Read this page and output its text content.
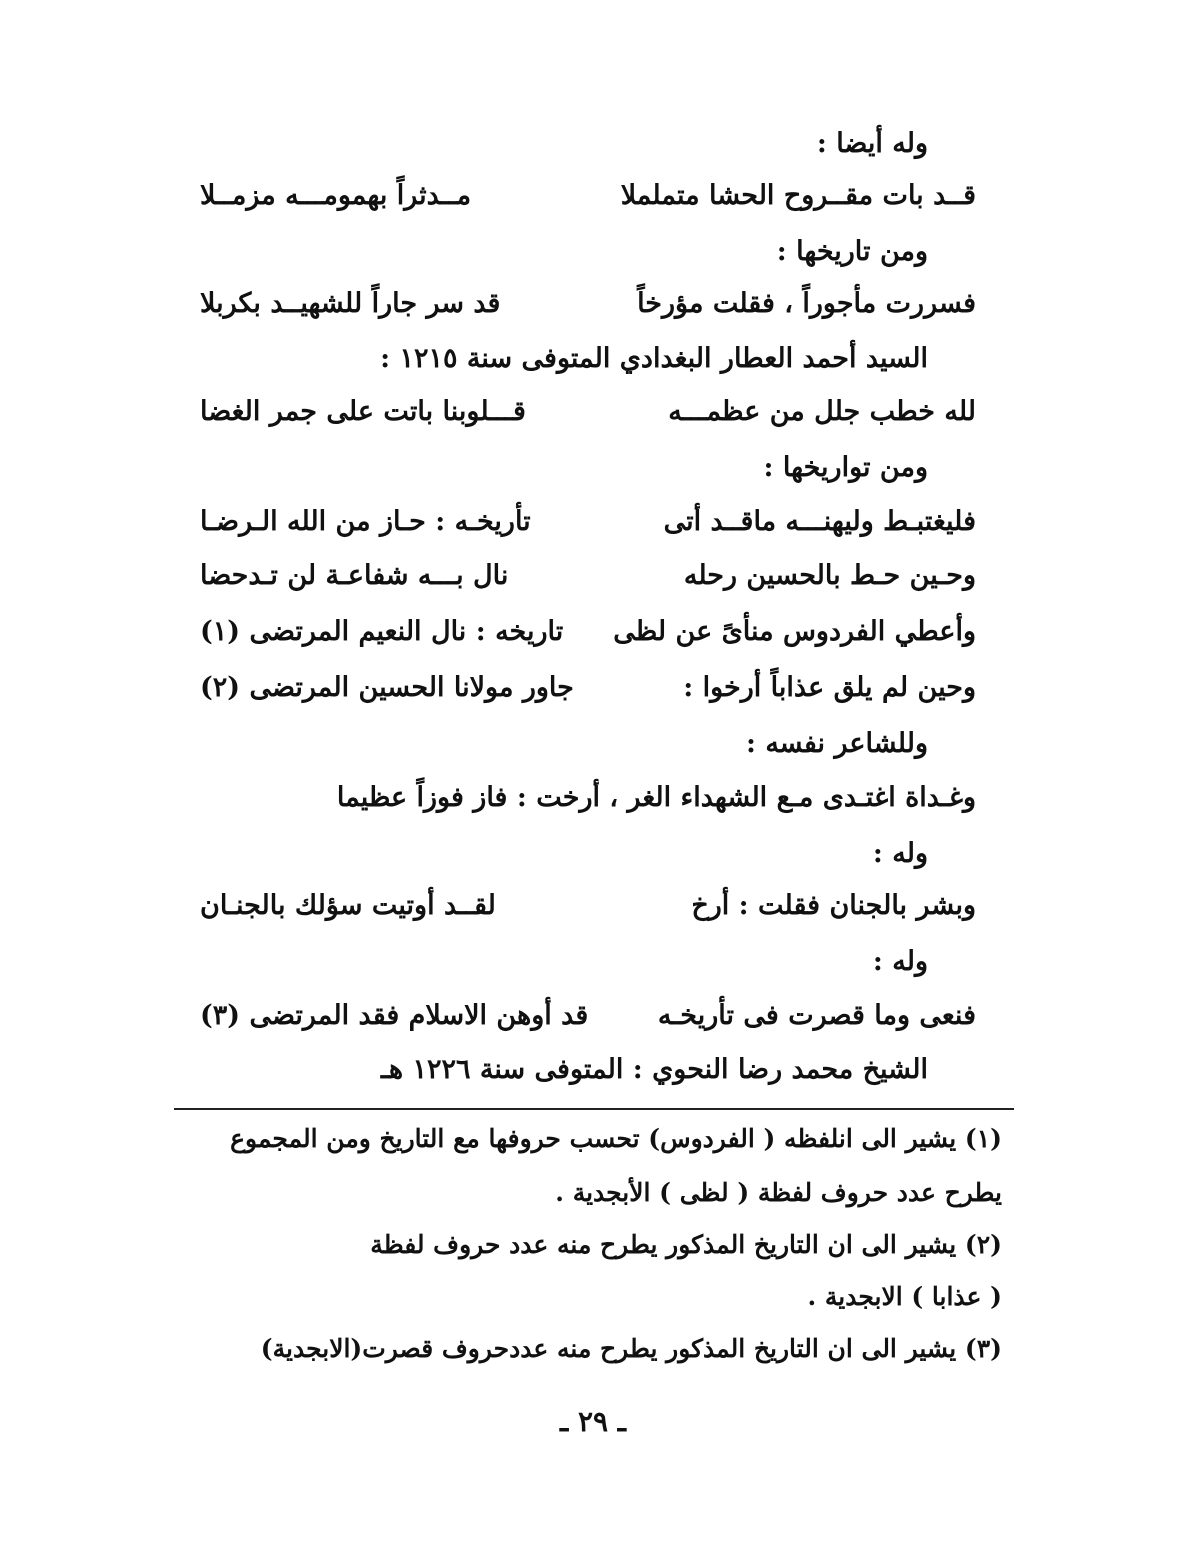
وله أيضا :
قــد بات مقــروح الحشا متململا
مــدثراً بهمومـــه مزمــلا
ومن تاريخها :
فسررت مأجوراً ، فقلت مؤرخاً
قد سر جاراً للشهيــد بكربلا
السيد أحمد العطار البغدادي المتوفى سنة ١٢١٥ :
لله خطب جلل من عظمـــه
قـــلوبنا باتت على جمر الغضا
ومن تواريخها :
فليغتبـط وليهنـــه ماقــد أتى
تأريخـه : حـاز من الله الـرضـا
وحـين حـط بالحسين رحله
نال بـــه شفاعـة لن تـدحضا
وأعطي الفردوس منأىً عن لظى
تاريخه : نال النعيم المرتضى (١)
وحين لم يلق عذاباً أرخوا :
جاور مولانا الحسين المرتضى (٢)
وللشاعر نفسه :
وغـداة اغتـدى مـع الشهداء الغر ، أرخت : فاز فوزاً عظيما
وله :
وبشر بالجنان فقلت : أرخ
لقــد أوتيت سؤلك بالجنـان
وله :
فنعى وما قصرت فى تأريخـه
قد أوهن الاسلام فقد المرتضى (٣)
الشيخ محمد رضا النحوي : المتوفى سنة ١٢٢٦ هـ
(١) يشير الى انلفظه ( الفردوس) تحسب حروفها مع التاريخ ومن المجموع
يطرح عدد حروف لفظة ( لظى ) الأبجدية .
(٢) يشير الى ان التاريخ المذكور يطرح منه عدد حروف لفظة
( عذابا ) الابجدية .
(٣) يشير الى ان التاريخ المذكور يطرح منه عددحروف قصرت(الابجدية)
ـ ٢٩ ـ
